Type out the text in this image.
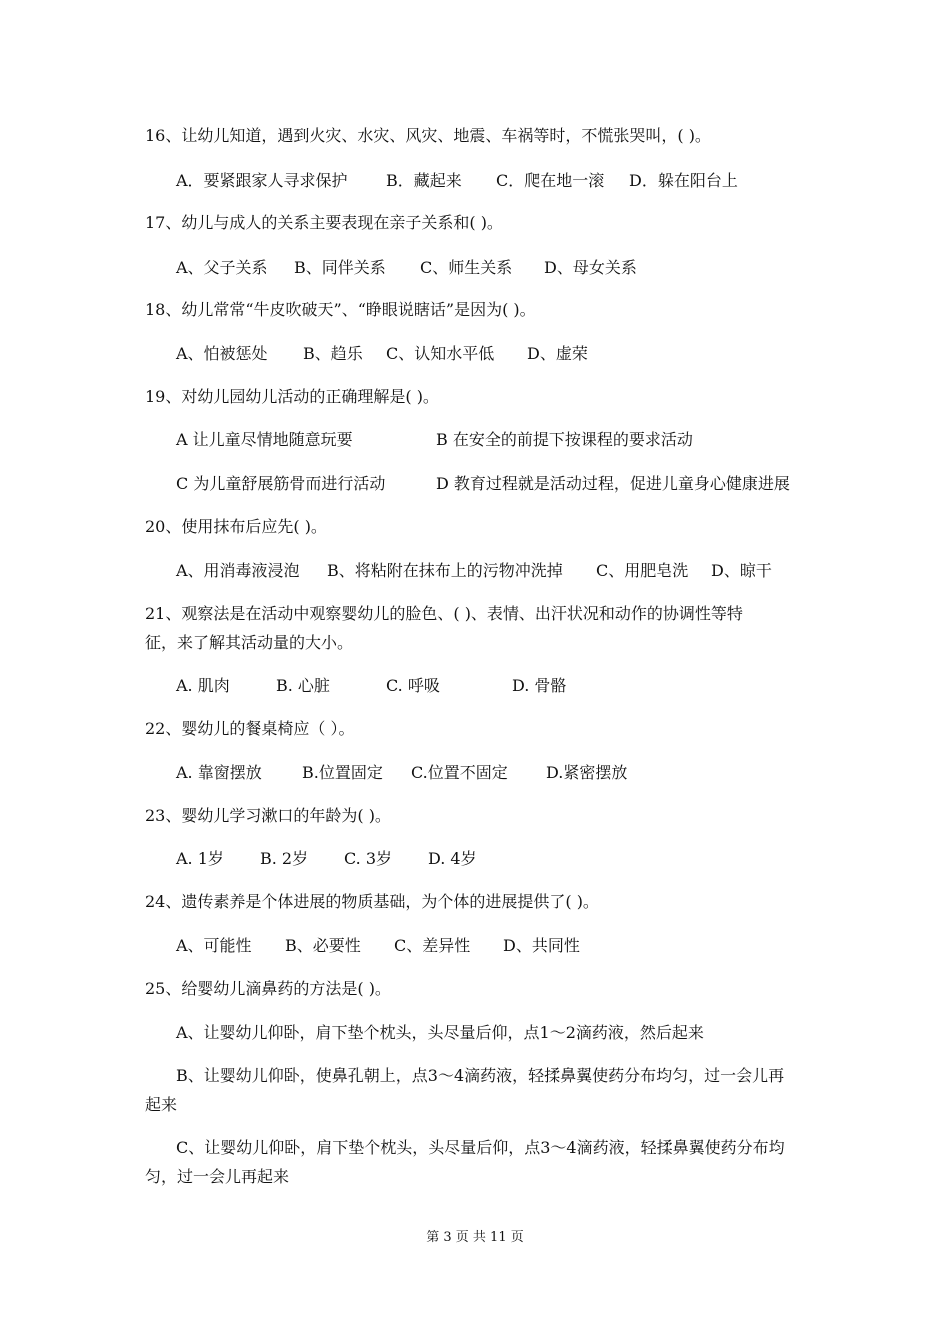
16、让幼儿知道，遇到火灾、水灾、风灾、地震、车祸等时，不慌张哭叫，( )。
A．要紧跟家人寻求保护 B．藏起来 C．爬在地一滚 D．躲在阳台上
17、幼儿与成人的关系主要表现在亲子关系和( )。
A、父子关系 B、同伴关系 C、师生关系 D、母女关系
18、幼儿常常“牛皮吹破天”、“睁眼说瞎话”是因为( )。
A、怕被惩处 B、趋乐 C、认知水平低 D、虚荣
19、对幼儿园幼儿活动的正确理解是( )。
A 让儿童尽情地随意玩要	B 在安全的前提下按课程的要求活动
C 为儿童舒展筋骨而进行活动	D 教育过程就是活动过程，促进儿童身心健康进展
20、使用抹布后应先( )。
A、用消毒液浸泡 B、将粘附在抹布上的污物冲洗掉 C、用肥皂洗 D、晾干
21、观察法是在活动中观察婴幼儿的脸色、( )、表情、出汗状况和动作的协调性等特
征，来了解其活动量的大小。
A. 肌肉	B. 心脏	C. 呼吸	D. 骨骼
22、婴幼儿的餐桌椅应（ ）。
A. 靠窗摆放	B.位置固定 C.位置不固定 D.紧密摆放
23、婴幼儿学习漱口的年龄为( )。
A. 1岁 B. 2岁 C. 3岁 D. 4岁
24、遗传素养是个体进展的物质基础，为个体的进展提供了( )。
A、可能性 B、必要性 C、差异性 D、共同性
25、给婴幼儿滴鼻药的方法是( )。
A、让婴幼儿仰卧，肩下垫个枕头，头尽量后仰，点1～2滴药液，然后起来
B、让婴幼儿仰卧，使鼻孔朝上，点3～4滴药液，轻揉鼻翼使药分布均匀，过一会儿再
起来
C、让婴幼儿仰卧，肩下垫个枕头，头尽量后仰，点3～4滴药液，轻揉鼻翼使药分布均
匀，过一会儿再起来
第 3 页 共 11 页
